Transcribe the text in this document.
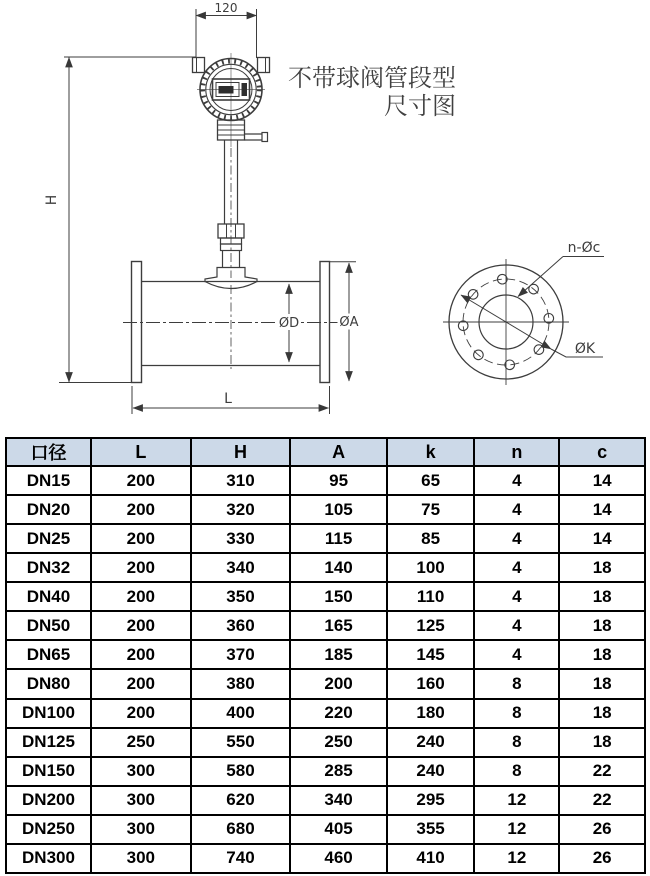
120
H
ØD	ØA
L
n-Øc
ØK
不带球阀管段型
尺寸图
口径	L	H	A	k	n	c
DN15	200	310	95	65	4	14
DN20	200	320	105	75	4	14
DN25	200	330	115	85	4	14
DN32	200	340	140	100	4	18
DN40	200	350	150	110	4	18
DN50	200	360	165	125	4	18
DN65	200	370	185	145	4	18
DN80	200	380	200	160	8	18
DN100	200	400	220	180	8	18
DN125	250	550	250	240	8	18
DN150	300	580	285	240	8	22
DN200	300	620	340	295	12	22
DN250	300	680	405	355	12	26
DN300	300	740	460	410	12	26
